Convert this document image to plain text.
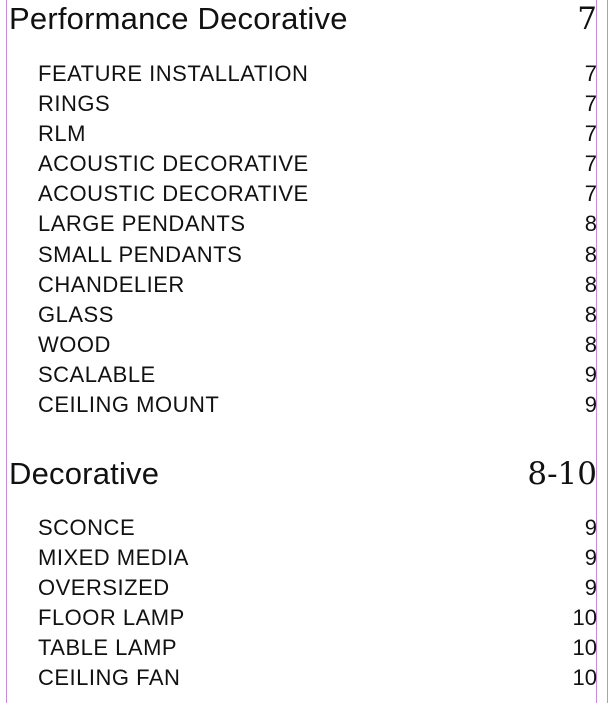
Performance Decorative	7
FEATURE INSTALLATION	7
RINGS	7
RLM	7
ACOUSTIC DECORATIVE	7
ACOUSTIC DECORATIVE	7
LARGE PENDANTS	8
SMALL PENDANTS	8
CHANDELIER	8
GLASS	8
WOOD	8
SCALABLE	9
CEILING MOUNT	9
Decorative	8-10
SCONCE	9
MIXED MEDIA	9
OVERSIZED	9
FLOOR LAMP	10
TABLE LAMP	10
CEILING FAN	10
